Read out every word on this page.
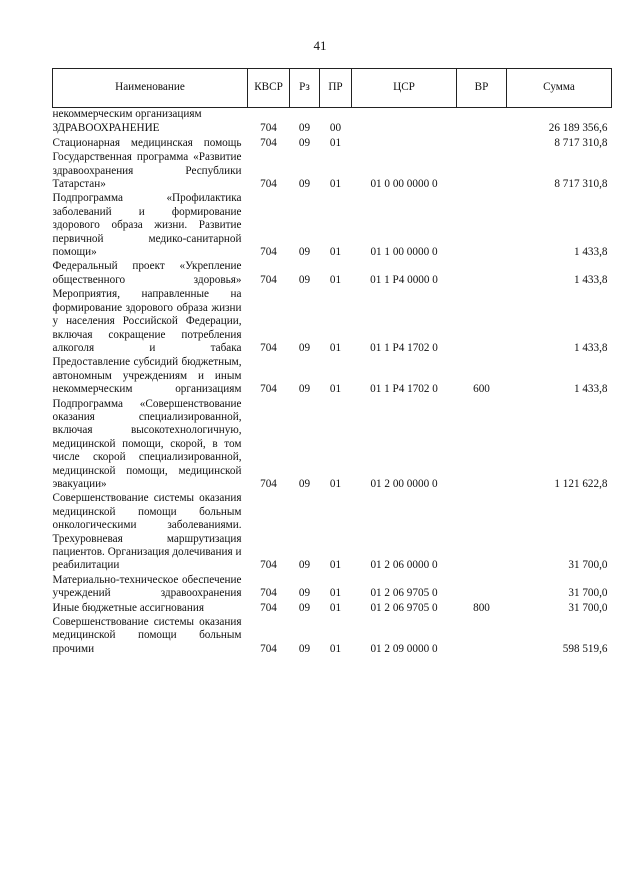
41
Наименование	КВСР	Рз	ПР	ЦСР	ВР	Сумма
некоммерческим организациям						
ЗДРАВООХРАНЕНИЕ	704	09	00			26 189 356,6
Стационарная медицинская помощь	704	09	01			8 717 310,8
Государственная программа «Развитие здравоохранения Республики Татарстан»	704	09	01	01 0 00 0000 0		8 717 310,8
Подпрограмма «Профилактика заболеваний и формирование здорового образа жизни. Развитие первичной медико-санитарной помощи»	704	09	01	01 1 00 0000 0		1 433,8
Федеральный проект «Укрепление общественного здоровья»	704	09	01	01 1 P4 0000 0		1 433,8
Мероприятия, направленные на формирование здорового образа жизни у населения Российской Федерации, включая сокращение потребления алкоголя и табака	704	09	01	01 1 P4 1702 0		1 433,8
Предоставление субсидий бюджетным, автономным учреждениям и иным некоммерческим организациям	704	09	01	01 1 P4 1702 0	600	1 433,8
Подпрограмма «Совершенствование оказания специализированной, включая высокотехнологичную, медицинской помощи, скорой, в том числе скорой специализированной, медицинской помощи, медицинской эвакуации»	704	09	01	01 2 00 0000 0		1 121 622,8
Совершенствование системы оказания медицинской помощи больным онкологическими заболеваниями. Трехуровневая маршрутизация пациентов. Организация долечивания и реабилитации	704	09	01	01 2 06 0000 0		31 700,0
Материально-техническое обеспечение учреждений здравоохранения	704	09	01	01 2 06 9705 0		31 700,0
Иные бюджетные ассигнования	704	09	01	01 2 06 9705 0	800	31 700,0
Совершенствование системы оказания медицинской помощи больным прочими	704	09	01	01 2 09 0000 0		598 519,6
